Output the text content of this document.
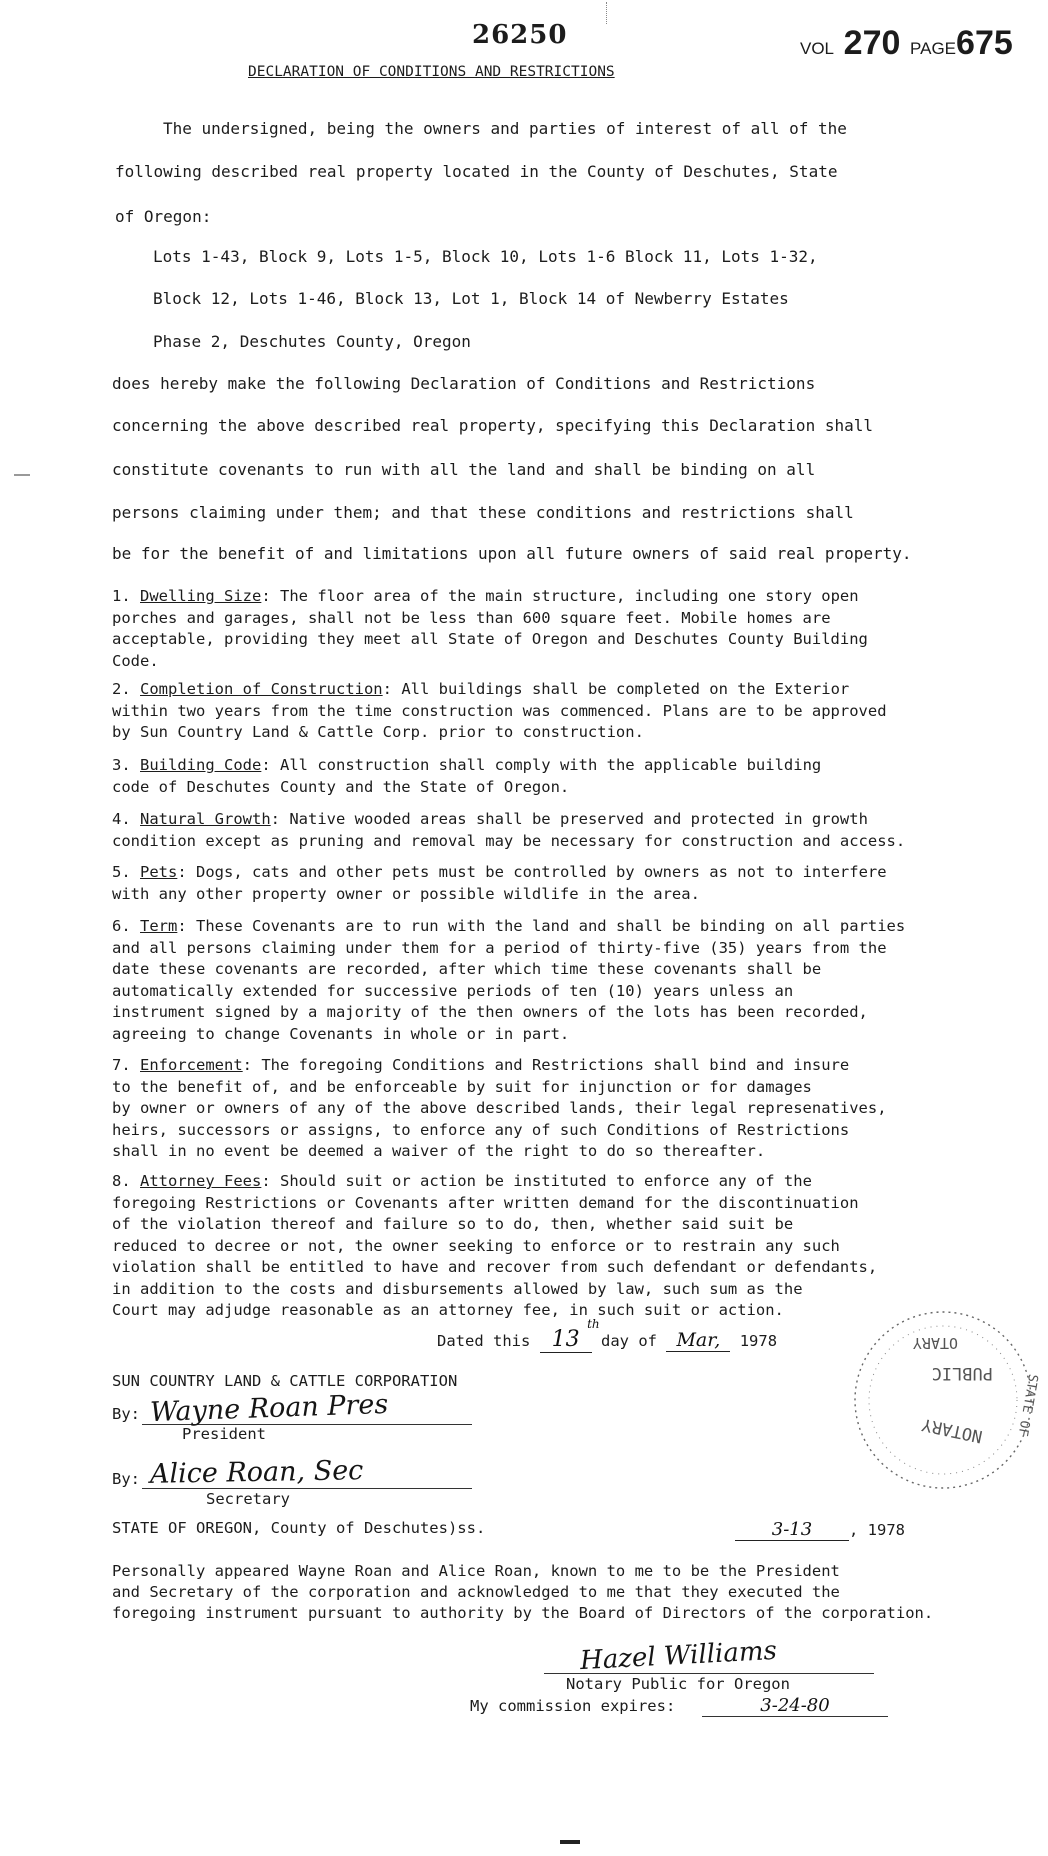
26250	VOL 270 PAGE675
DECLARATION OF CONDITIONS AND RESTRICTIONS
The undersigned, being the owners and parties of interest of all of the
following described real property located in the County of Deschutes, State
of Oregon:
Lots 1-43, Block 9, Lots 1-5, Block 10, Lots 1-6 Block 11, Lots 1-32,
Block 12, Lots 1-46, Block 13, Lot 1, Block 14 of Newberry Estates
Phase 2, Deschutes County, Oregon
does hereby make the following Declaration of Conditions and Restrictions
concerning the above described real property, specifying this Declaration shall
constitute covenants to run with all the land and shall be binding on all
persons claiming under them; and that these conditions and restrictions shall
be for the benefit of and limitations upon all future owners of said real property.

1. Dwelling Size: The floor area of the main structure, including one story open

porches and garages, shall not be less than 600 square feet. Mobile homes are

acceptable, providing they meet all State of Oregon and Deschutes County Building

Code.

2. Completion of Construction: All buildings shall be completed on the Exterior

within two years from the time construction was commenced. Plans are to be approved

by Sun Country Land & Cattle Corp. prior to construction.

3. Building Code: All construction shall comply with the applicable building

code of Deschutes County and the State of Oregon.

4. Natural Growth: Native wooded areas shall be preserved and protected in growth

condition except as pruning and removal may be necessary for construction and access.

5. Pets: Dogs, cats and other pets must be controlled by owners as not to interfere

with any other property owner or possible wildlife in the area.

6. Term: These Covenants are to run with the land and shall be binding on all parties

and all persons claiming under them for a period of thirty-five (35) years from the

date these covenants are recorded, after which time these covenants shall be

automatically extended for successive periods of ten (10) years unless an

instrument signed by a majority of the then owners of the lots has been recorded,

agreeing to change Covenants in whole or in part.

7. Enforcement: The foregoing Conditions and Restrictions shall bind and insure

to the benefit of, and be enforceable by suit for injunction or for damages

by owner or owners of any of the above described lands, their legal represenatives,

heirs, successors or assigns, to enforce any of such Conditions of Restrictions

shall in no event be deemed a waiver of the right to do so thereafter.

8. Attorney Fees: Should suit or action be instituted to enforce any of the

foregoing Restrictions or Covenants after written demand for the discontinuation

of the violation thereof and failure so to do, then, whether said suit be

reduced to decree or not, the owner seeking to enforce or to restrain any such

violation shall be entitled to have and recover from such defendant or defendants,

in addition to the costs and disbursements allowed by law, such sum as the

Court may adjudge reasonable as an attorney fee, in such suit or action.

Dated this 13
th
day of Mar, 1978
SUN COUNTRY LAND & CATTLE CORPORATION
By: Wayne Roan Pres
President
By: Alice Roan, Sec
Secretary
STATE OF OREGON, County of Deschutes)ss.	3-13 , 1978
Personally appeared Wayne Roan and Alice Roan, known to me to be the President
and Secretary of the corporation and acknowledged to me that they executed the
foregoing instrument pursuant to authority by the Board of Directors of the corporation.
Hazel Williams
Notary Public for Oregon
My commission expires:	3-24-80
OTARY
PUBLIC
NOTARY STATE OF
